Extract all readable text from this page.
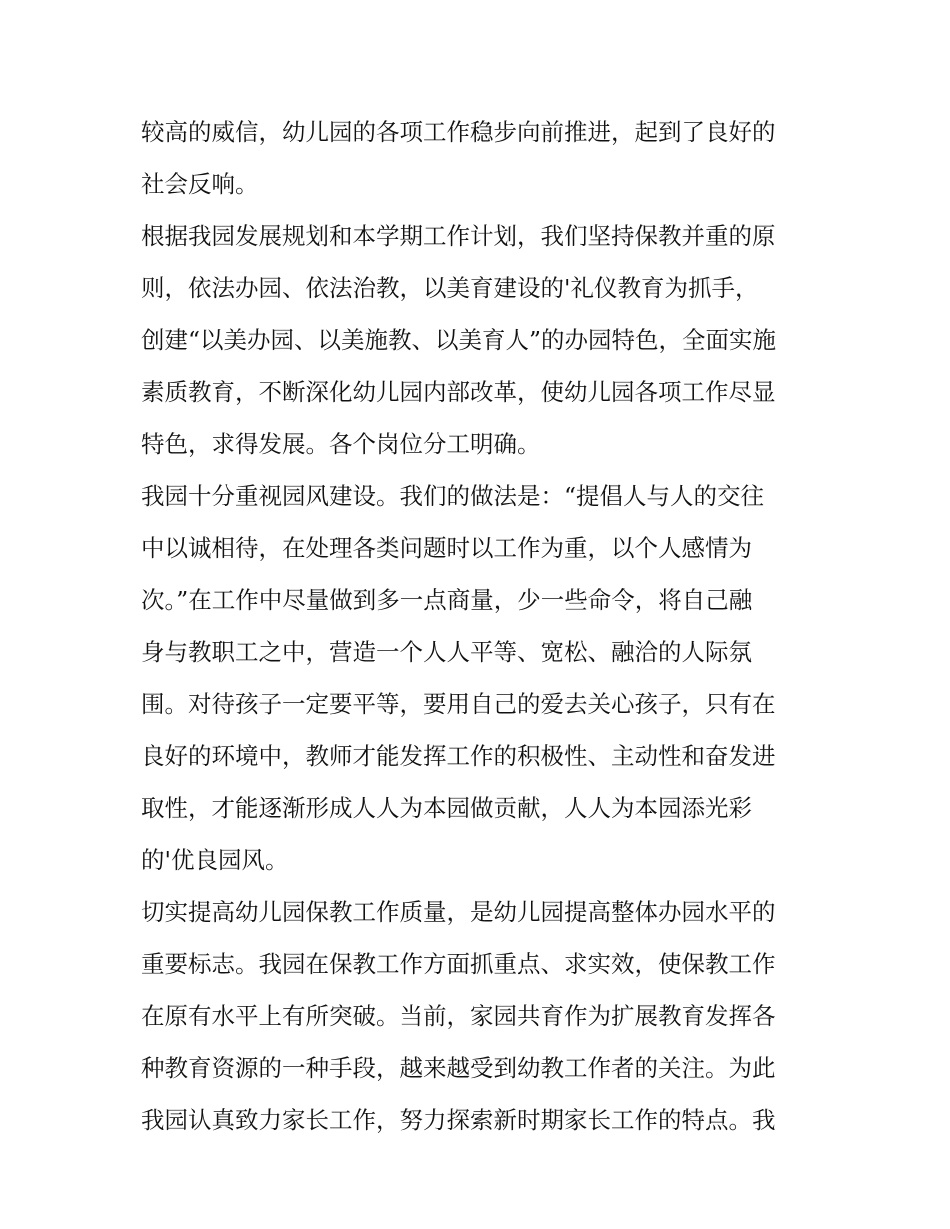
较高的威信，幼儿园的各项工作稳步向前推进，起到了良好的
社会反响。
根据我园发展规划和本学期工作计划，我们坚持保教并重的原
则，依法办园、依法治教，以美育建设的'礼仪教育为抓手，
创建“以美办园、以美施教、以美育人”的办园特色，全面实施
素质教育，不断深化幼儿园内部改革，使幼儿园各项工作尽显
特色，求得发展。各个岗位分工明确。
我园十分重视园风建设。我们的做法是：“提倡人与人的交往
中以诚相待，在处理各类问题时以工作为重，以个人感情为
次。”在工作中尽量做到多一点商量，少一些命令，将自己融
身与教职工之中，营造一个人人平等、宽松、融洽的人际氛
围。对待孩子一定要平等，要用自己的爱去关心孩子，只有在
良好的环境中，教师才能发挥工作的积极性、主动性和奋发进
取性，才能逐渐形成人人为本园做贡献，人人为本园添光彩
的'优良园风。
切实提高幼儿园保教工作质量，是幼儿园提高整体办园水平的
重要标志。我园在保教工作方面抓重点、求实效，使保教工作
在原有水平上有所突破。当前，家园共育作为扩展教育发挥各
种教育资源的一种手段，越来越受到幼教工作者的关注。为此
我园认真致力家长工作，努力探索新时期家长工作的特点。我
